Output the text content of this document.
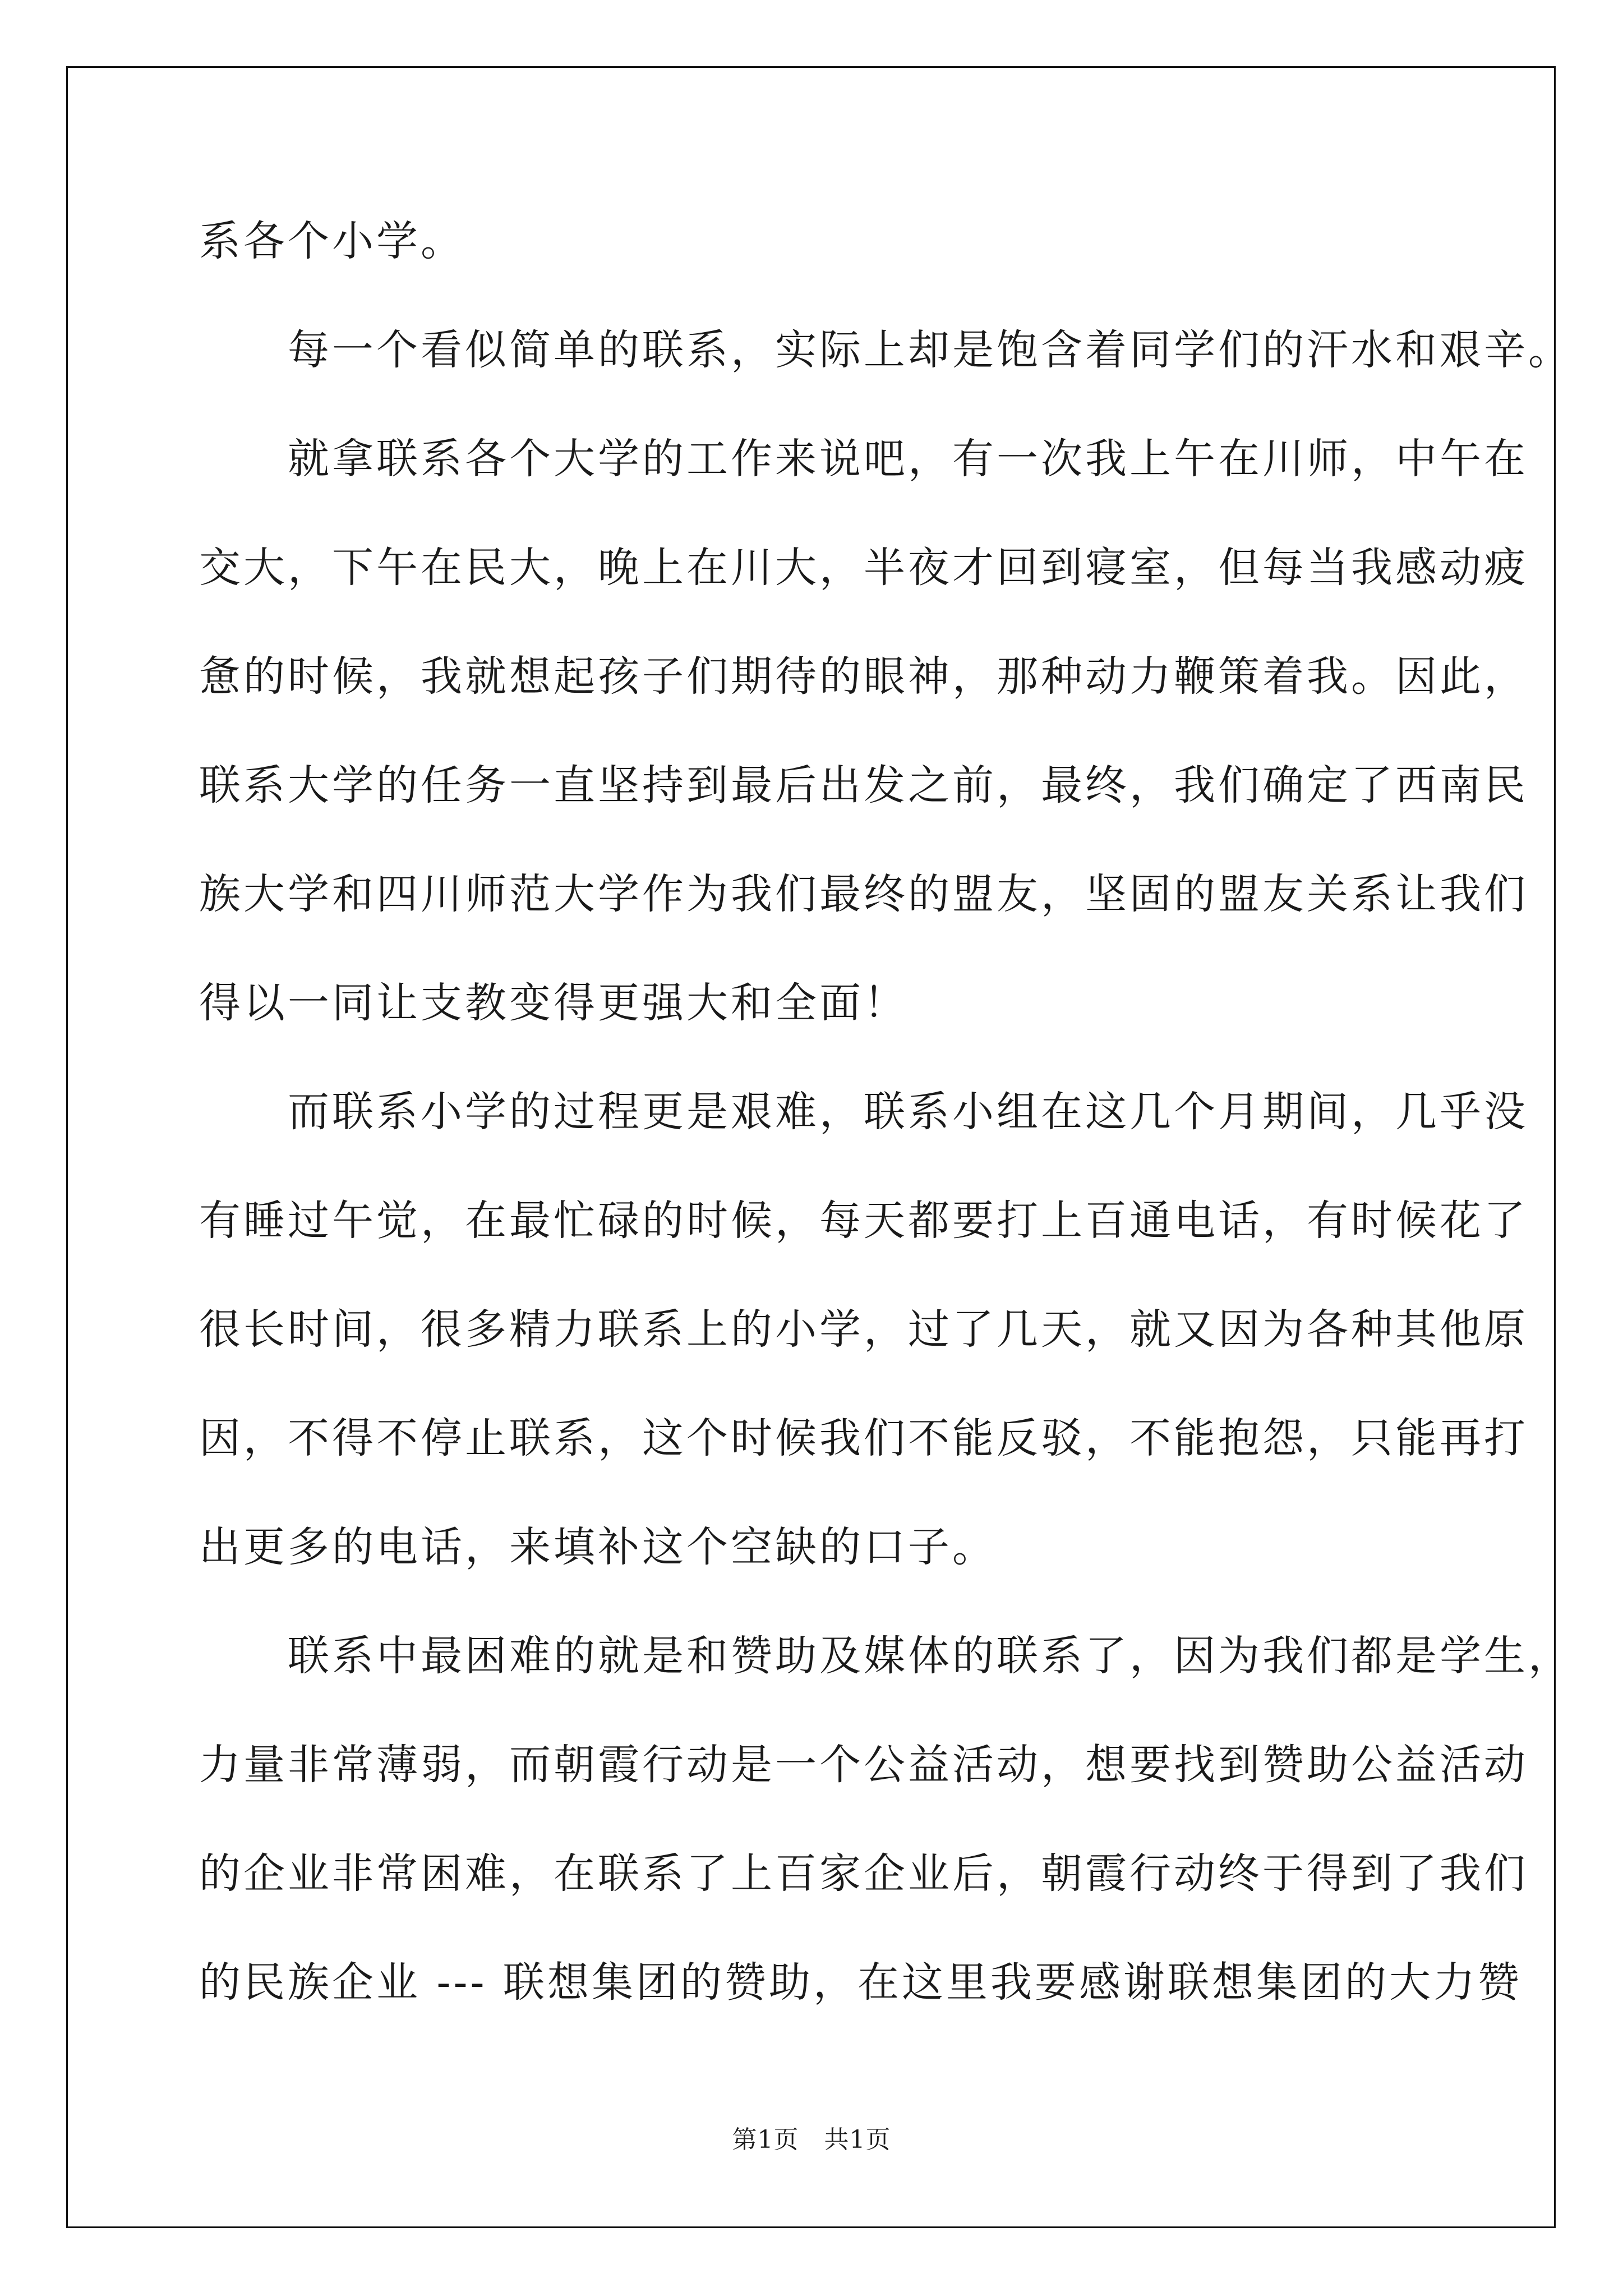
系各个小学。
　　每一个看似简单的联系，实际上却是饱含着同学们的汗水和艰辛。
　　就拿联系各个大学的工作来说吧，有一次我上午在川师，中午在
交大，下午在民大，晚上在川大，半夜才回到寝室，但每当我感动疲
惫的时候，我就想起孩子们期待的眼神，那种动力鞭策着我。因此，
联系大学的任务一直坚持到最后出发之前，最终，我们确定了西南民
族大学和四川师范大学作为我们最终的盟友，坚固的盟友关系让我们
得以一同让支教变得更强大和全面！
　　而联系小学的过程更是艰难，联系小组在这几个月期间，几乎没
有睡过午觉，在最忙碌的时候，每天都要打上百通电话，有时候花了
很长时间，很多精力联系上的小学，过了几天，就又因为各种其他原
因，不得不停止联系，这个时候我们不能反驳，不能抱怨，只能再打
出更多的电话，来填补这个空缺的口子。
　　联系中最困难的就是和赞助及媒体的联系了，因为我们都是学生，
力量非常薄弱，而朝霞行动是一个公益活动，想要找到赞助公益活动
的企业非常困难，在联系了上百家企业后，朝霞行动终于得到了我们
的民族企业 --- 联想集团的赞助，在这里我要感谢联想集团的大力赞
第1页　 共1页
